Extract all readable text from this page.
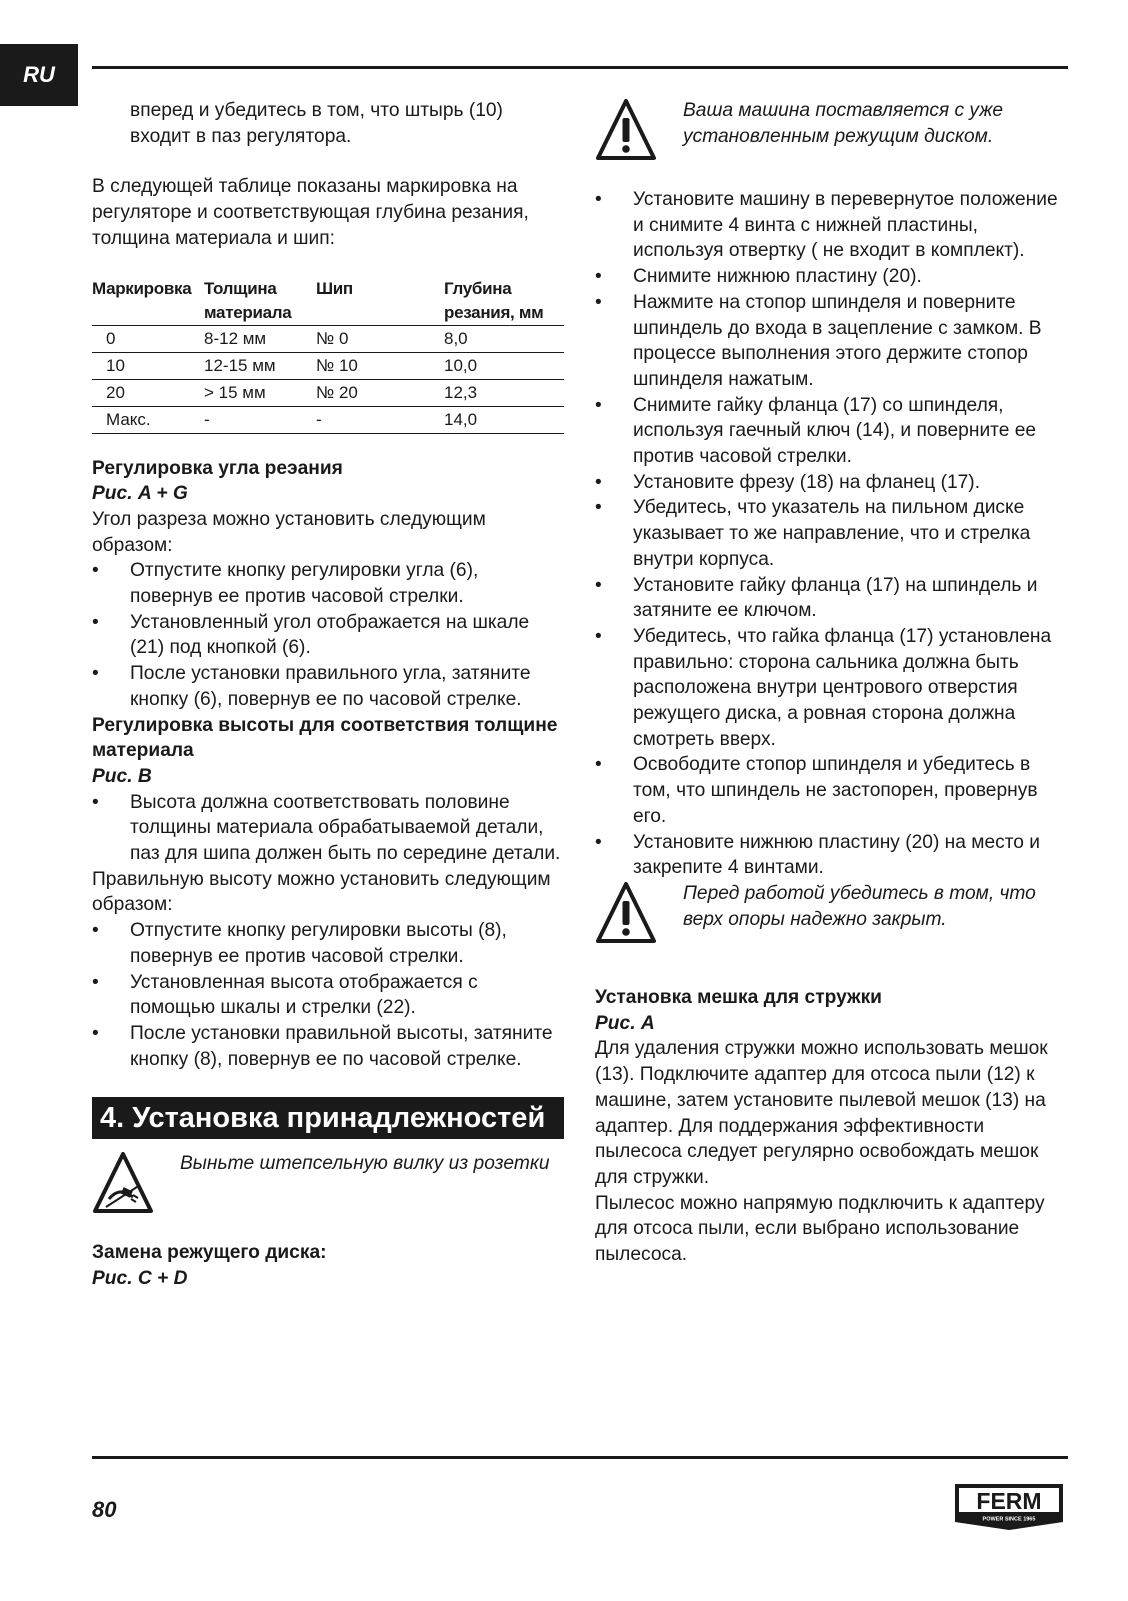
RU

вперед и убедитесь в том, что штырь (10) входит в паз регулятора.

В следующей таблице показаны маркировка на регуляторе и соответствующая глубина резания, толщина материала и шип:

Маркировка	Толщина	Шип	Глубина
	материала		резания, мм
0	8-12 мм	№ 0	8,0
10	12-15 мм	№ 10	10,0
20	> 15 мм	№ 20	12,3
Макс.	-	-	14,0

Регулировка угла реэания

Рис. A + G

Угол разреза можно установить следующим образом:

• Отпустите кнопку регулировки угла (6), повернув ее против часовой стрелки.
• Установленный угол отображается на шкале (21) под кнопкой (6).
• После установки правильного угла, затяните кнопку (6), повернув ее по часовой стрелке.

Регулировка высоты для соответствия толщине материала

Рис. B

• Высота должна соответствовать половине толщины материала обрабатываемой детали, паз для шипа должен быть по середине детали.

Правильную высоту можно установить следующим образом:

• Отпустите кнопку регулировки высоты (8), повернув ее против часовой стрелки.
• Установленная высота отображается с помощью шкалы и стрелки (22).
• После установки правильной высоты, затяните кнопку (8), повернув ее по часовой стрелке.
4. Установка принадлежностей

Выньте штепсельную вилку из розетки

Замена режущего диска:

Рис. C + D

Ваша машина поставляется с уже установленным режущим диском.

• Установите машину в перевернутое положение и снимите 4 винта с нижней пластины, используя отвертку ( не входит в комплект).
• Снимите нижнюю пластину (20).
• Нажмите на стопор шпинделя и поверните шпиндель до входа в зацепление с замком. В процессе выполнения этого держите стопор шпинделя нажатым.
• Снимите гайку фланца (17) со шпинделя, используя гаечный ключ (14), и поверните ее против часовой стрелки.
• Установите фрезу (18) на фланец (17).
• Убедитесь, что указатель на пильном диске указывает то же направление, что и стрелка внутри корпуса.
• Установите гайку фланца (17) на шпиндель и затяните ее ключом.
• Убедитесь, что гайка фланца (17) установлена правильно: сторона сальника должна быть расположена внутри центрового отверстия режущего диска, а ровная сторона должна смотреть вверх.
• Освободите стопор шпинделя и убедитесь в том, что шпиндель не застопорен, провернув его.
• Установите нижнюю пластину (20) на место и закрепите 4 винтами.

Перед работой убедитесь в том, что верх опоры надежно закрыт.

Установка мешка для стружки

Рис. A

Для удаления стружки можно использовать мешок (13). Подключите адаптер для отсоса пыли (12) к машине, затем установите пылевой мешок (13) на адаптер. Для поддержания эффективности пылесоса следует регулярно освобождать мешок для стружки.

Пылесос можно напрямую подключить к адаптеру для отсоса пыли, если выбрано использование пылесоса.

80	FERM
POWER SINCE 1965
